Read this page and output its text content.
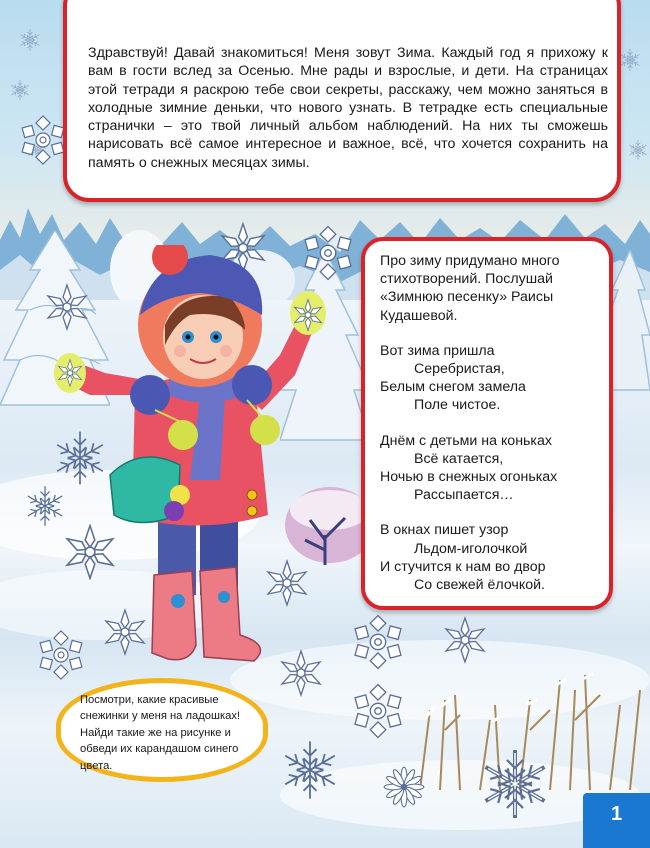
Здравствуй! Давай знакомиться! Меня зовут Зима. Каждый год я прихожу к вам в гости вслед за Осенью. Мне рады и взрослые, и дети. На страницах этой тетради я раскрою тебе свои секреты, расскажу, чем можно заняться в холодные зимние деньки, что нового узнать. В тетрадке есть специальные странички – это твой личный альбом наблюдений. На них ты сможешь нарисовать всё самое интересное и важное, всё, что хочется сохранить на память о снежных месяцах зимы.

Про зиму придумано много стихотворений. Послушай «Зимнюю песенку» Раисы Кудашевой.

Вот зима пришла

Серебристая,

Белым снегом замела

Поле чистое.

Днём с детьми на коньках

Всё катается,

Ночью в снежных огоньках

Рассыпается…

В окнах пишет узор

Льдом-иголочкой

И стучится к нам во двор

Со свежей ёлочкой.

Посмотри, какие красивые снежинки у меня на ладошках! Найди такие же на рисунке и обведи их карандашом синего цвета.
1
